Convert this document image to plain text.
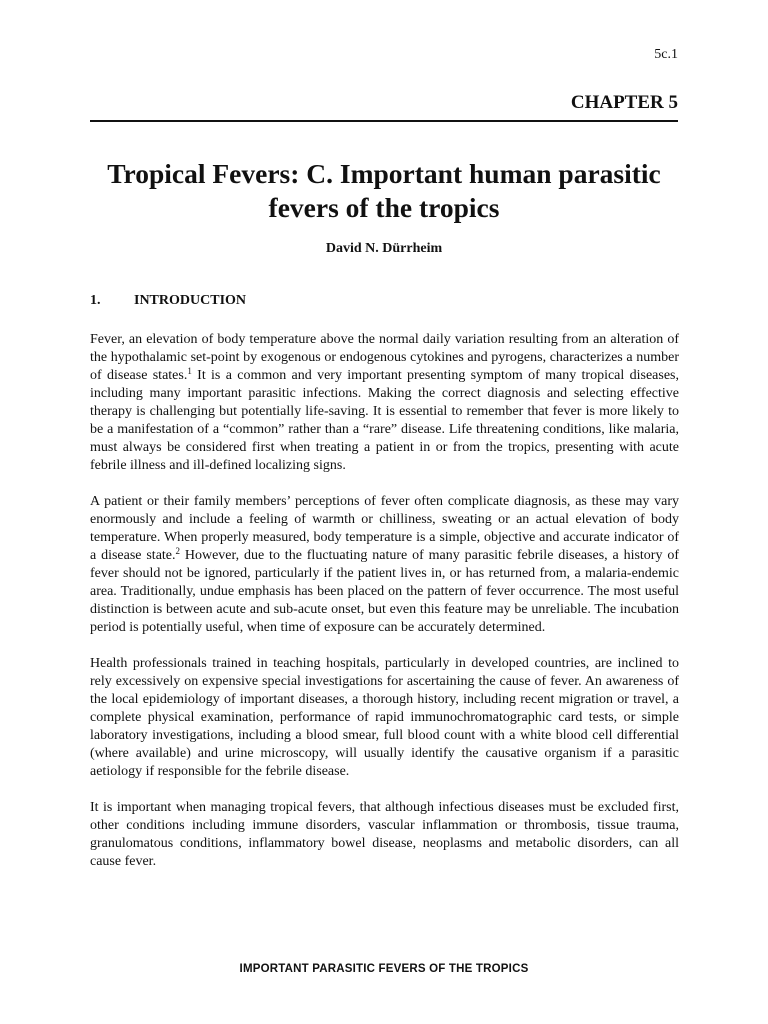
5c.1
CHAPTER 5
Tropical Fevers: C. Important human parasitic
fevers of the tropics
David N. Dürrheim
1. INTRODUCTION

Fever, an elevation of body temperature above the normal daily variation resulting from an alteration of the hypothalamic set-point by exogenous or endogenous cytokines and pyrogens, characterizes a number of disease states.$^1$ It is a common and very important presenting symptom of many tropical diseases, including many important parasitic infections. Making the correct diagnosis and selecting effective therapy is challenging but potentially life-saving. It is essential to remember that fever is more likely to be a manifestation of a “common” rather than a “rare” disease. Life threatening conditions, like malaria, must always be considered first when treating a patient in or from the tropics, presenting with acute febrile illness and ill-defined localizing signs.

A patient or their family members’ perceptions of fever often complicate diagnosis, as these may vary enormously and include a feeling of warmth or chilliness, sweating or an actual elevation of body temperature. When properly measured, body temperature is a simple, objective and accurate indicator of a disease state.$^2$ However, due to the fluctuating nature of many parasitic febrile diseases, a history of fever should not be ignored, particularly if the patient lives in, or has returned from, a malaria-endemic area. Traditionally, undue emphasis has been placed on the pattern of fever occurrence. The most useful distinction is between acute and sub-acute onset, but even this feature may be unreliable. The incubation period is potentially useful, when time of exposure can be accurately determined.

Health professionals trained in teaching hospitals, particularly in developed countries, are inclined to rely excessively on expensive special investigations for ascertaining the cause of fever. An awareness of the local epidemiology of important diseases, a thorough history, including recent migration or travel, a complete physical examination, performance of rapid immunochromatographic card tests, or simple laboratory investigations, including a blood smear, full blood count with a white blood cell differential (where available) and urine microscopy, will usually identify the causative organism if a parasitic aetiology if responsible for the febrile disease.

It is important when managing tropical fevers, that although infectious diseases must be excluded first, other conditions including immune disorders, vascular inflammation or thrombosis, tissue trauma, granulomatous conditions, inflammatory bowel disease, neoplasms and metabolic disorders, can all cause fever.

IMPORTANT PARASITIC FEVERS OF THE TROPICS
